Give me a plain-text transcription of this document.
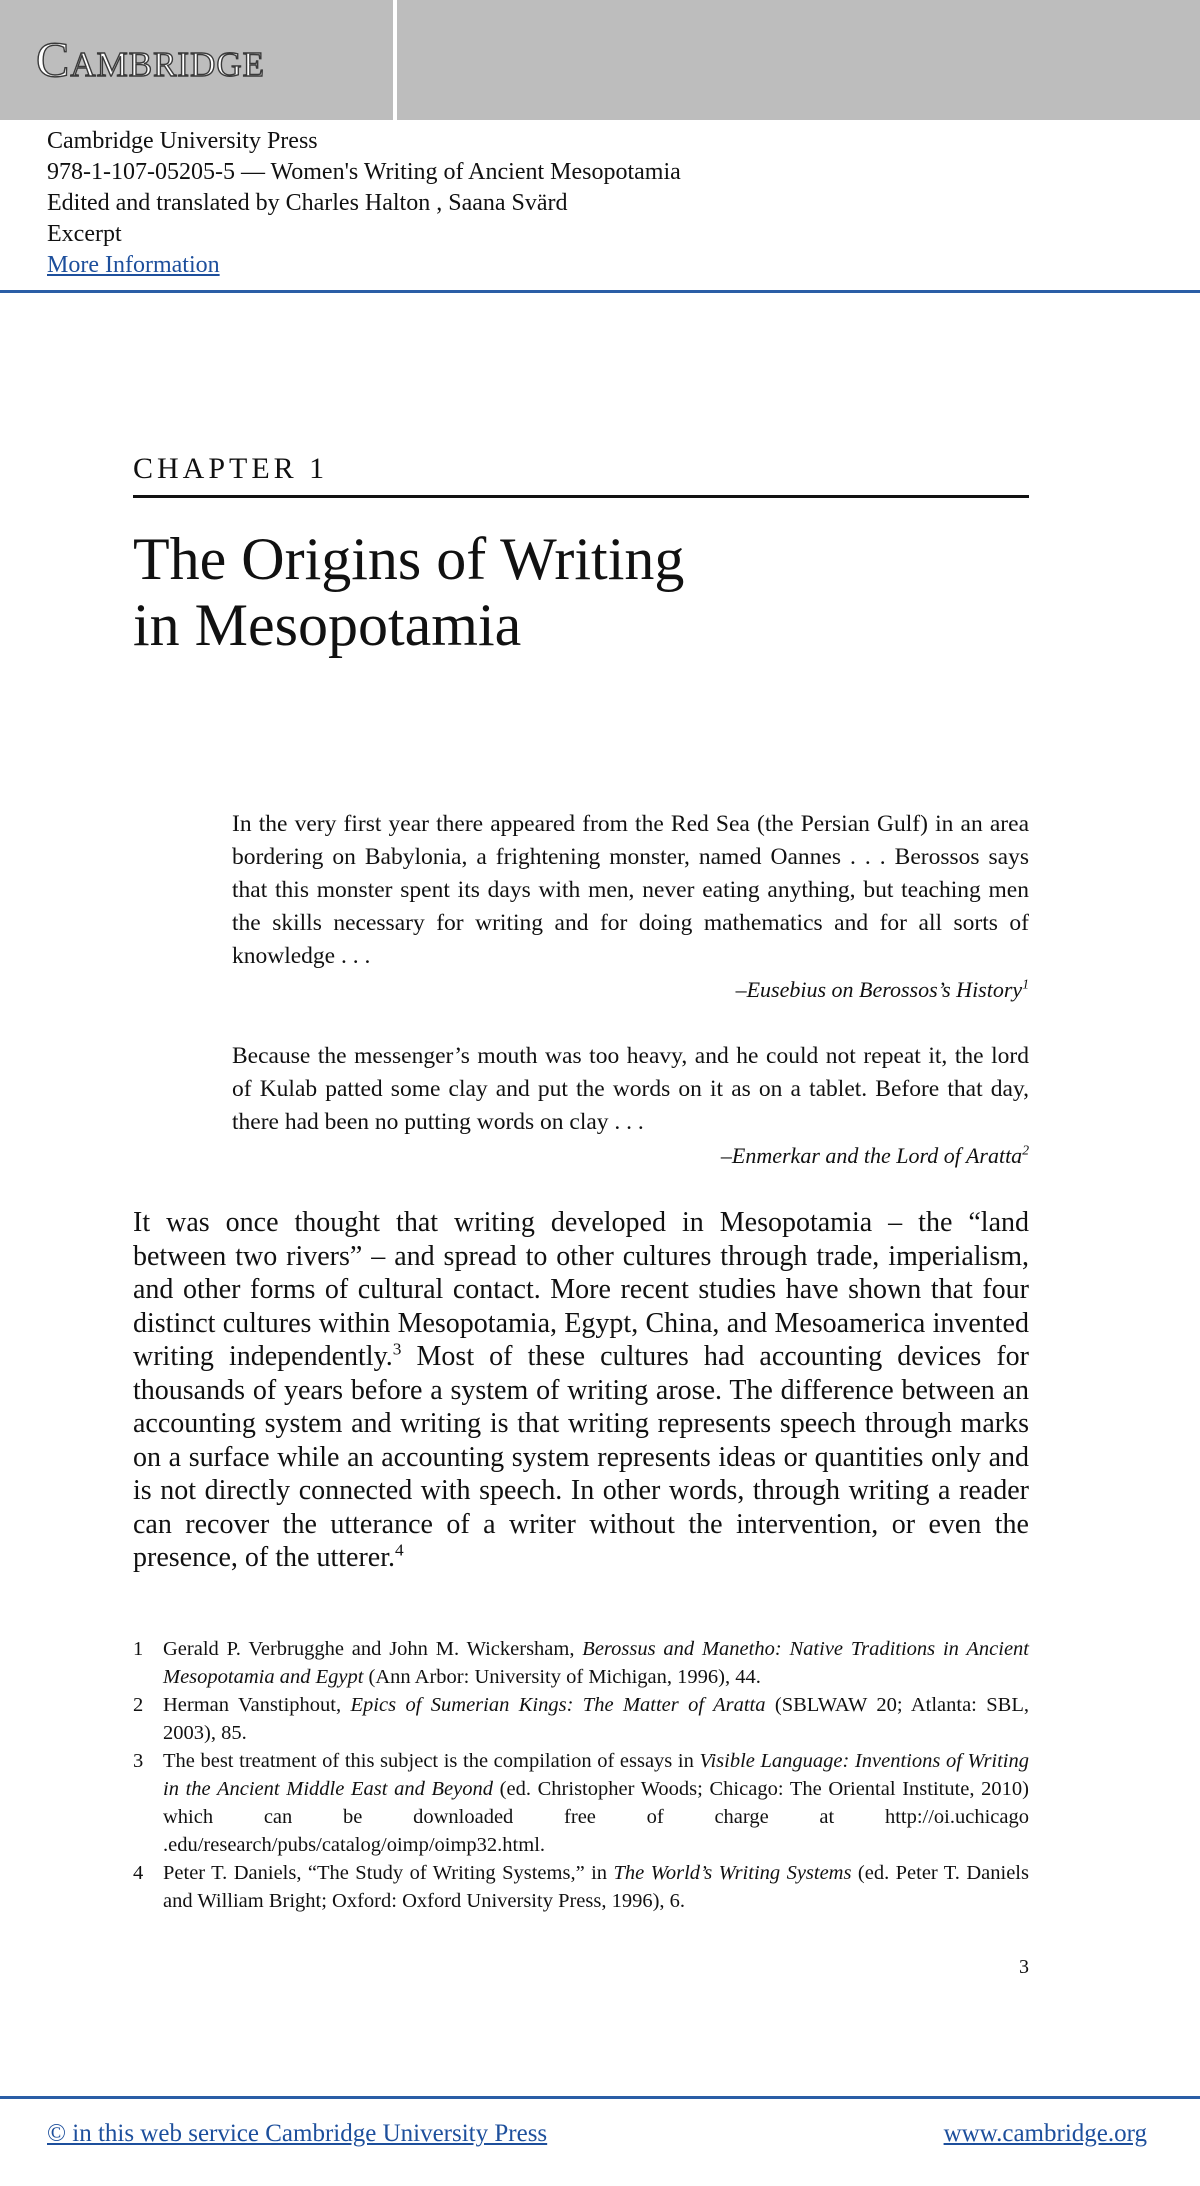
Cambridge
Cambridge University Press
978-1-107-05205-5 — Women's Writing of Ancient Mesopotamia
Edited and translated by Charles Halton , Saana Svärd
Excerpt
More Information
CHAPTER 1
The Origins of Writing
in Mesopotamia
In the very first year there appeared from the Red Sea (the Persian Gulf) in an area bordering on Babylonia, a frightening monster, named Oannes . . . Berossos says that this monster spent its days with men, never eating anything, but teaching men the skills necessary for writing and for doing mathematics and for all sorts of knowledge . . .
–Eusebius on Berossos’s History$^1$
Because the messenger’s mouth was too heavy, and he could not repeat it, the lord of Kulab patted some clay and put the words on it as on a tablet. Before that day, there had been no putting words on clay . . .
–Enmerkar and the Lord of Aratta$^2$

It was once thought that writing developed in Mesopotamia – the “land between two rivers” – and spread to other cultures through trade, imperialism, and other forms of cultural contact. More recent studies have shown that four distinct cultures within Mesopotamia, Egypt, China, and Mesoamerica invented writing independently.$^3$ Most of these cultures had accounting devices for thousands of years before a system of writing arose. The difference between an accounting system and writing is that writing represents speech through marks on a surface while an accounting system represents ideas or quantities only and is not directly connected with speech. In other words, through writing a reader can recover the utterance of a writer without the intervention, or even the presence, of the utterer.$^4$

1 Gerald P. Verbrugghe and John M. Wickersham, Berossus and Manetho: Native Traditions in Ancient Mesopotamia and Egypt (Ann Arbor: University of Michigan, 1996), 44.
2 Herman Vanstiphout, Epics of Sumerian Kings: The Matter of Aratta (SBLWAW 20; Atlanta: SBL, 2003), 85.
3 The best treatment of this subject is the compilation of essays in Visible Language: Inventions of Writing in the Ancient Middle East and Beyond (ed. Christopher Woods; Chicago: The Oriental Institute, 2010) which can be downloaded free of charge at http://oi.uchicago .edu/research/pubs/catalog/oimp/oimp32.html.
4 Peter T. Daniels, “The Study of Writing Systems,” in The World’s Writing Systems (ed. Peter T. Daniels and William Bright; Oxford: Oxford University Press, 1996), 6.
3
© in this web service Cambridge University Press	www.cambridge.org
